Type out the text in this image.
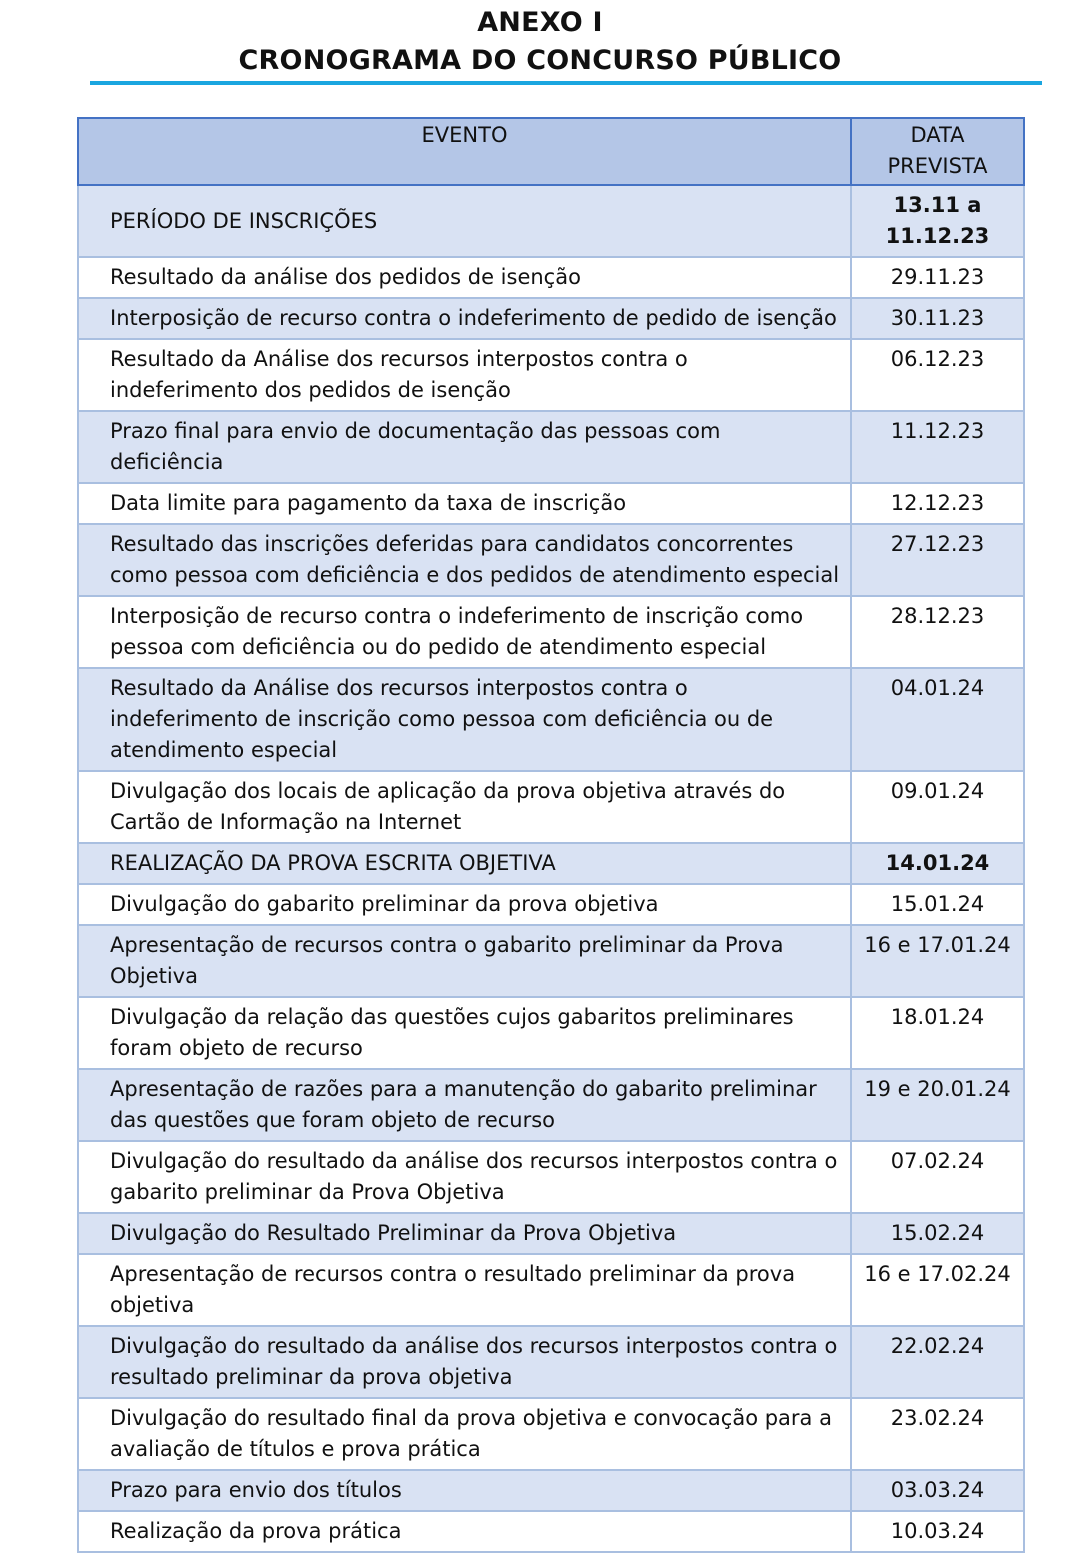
ANEXO I
CRONOGRAMA DO CONCURSO PÚBLICO
EVENTO	DATA PREVISTA
PERÍODO DE INSCRIÇÕES	13.11 a 11.12.23
Resultado da análise dos pedidos de isenção	29.11.23
Interposição de recurso contra o indeferimento de pedido de isenção	30.11.23
Resultado da Análise dos recursos interpostos contra o indeferimento dos pedidos de isenção	06.12.23
Prazo final para envio de documentação das pessoas com deficiência	11.12.23
Data limite para pagamento da taxa de inscrição	12.12.23
Resultado das inscrições deferidas para candidatos concorrentes como pessoa com deficiência e dos pedidos de atendimento especial	27.12.23
Interposição de recurso contra o indeferimento de inscrição como pessoa com deficiência ou do pedido de atendimento especial	28.12.23
Resultado da Análise dos recursos interpostos contra o indeferimento de inscrição como pessoa com deficiência ou de atendimento especial	04.01.24
Divulgação dos locais de aplicação da prova objetiva através do Cartão de Informação na Internet	09.01.24
REALIZAÇÃO DA PROVA ESCRITA OBJETIVA	14.01.24
Divulgação do gabarito preliminar da prova objetiva	15.01.24
Apresentação de recursos contra o gabarito preliminar da Prova Objetiva	16 e 17.01.24
Divulgação da relação das questões cujos gabaritos preliminares foram objeto de recurso	18.01.24
Apresentação de razões para a manutenção do gabarito preliminar das questões que foram objeto de recurso	19 e 20.01.24
Divulgação do resultado da análise dos recursos interpostos contra o gabarito preliminar da Prova Objetiva	07.02.24
Divulgação do Resultado Preliminar da Prova Objetiva	15.02.24
Apresentação de recursos contra o resultado preliminar da prova objetiva	16 e 17.02.24
Divulgação do resultado da análise dos recursos interpostos contra o resultado preliminar da prova objetiva	22.02.24
Divulgação do resultado final da prova objetiva e convocação para a avaliação de títulos e prova prática	23.02.24
Prazo para envio dos títulos	03.03.24
Realização da prova prática	10.03.24
